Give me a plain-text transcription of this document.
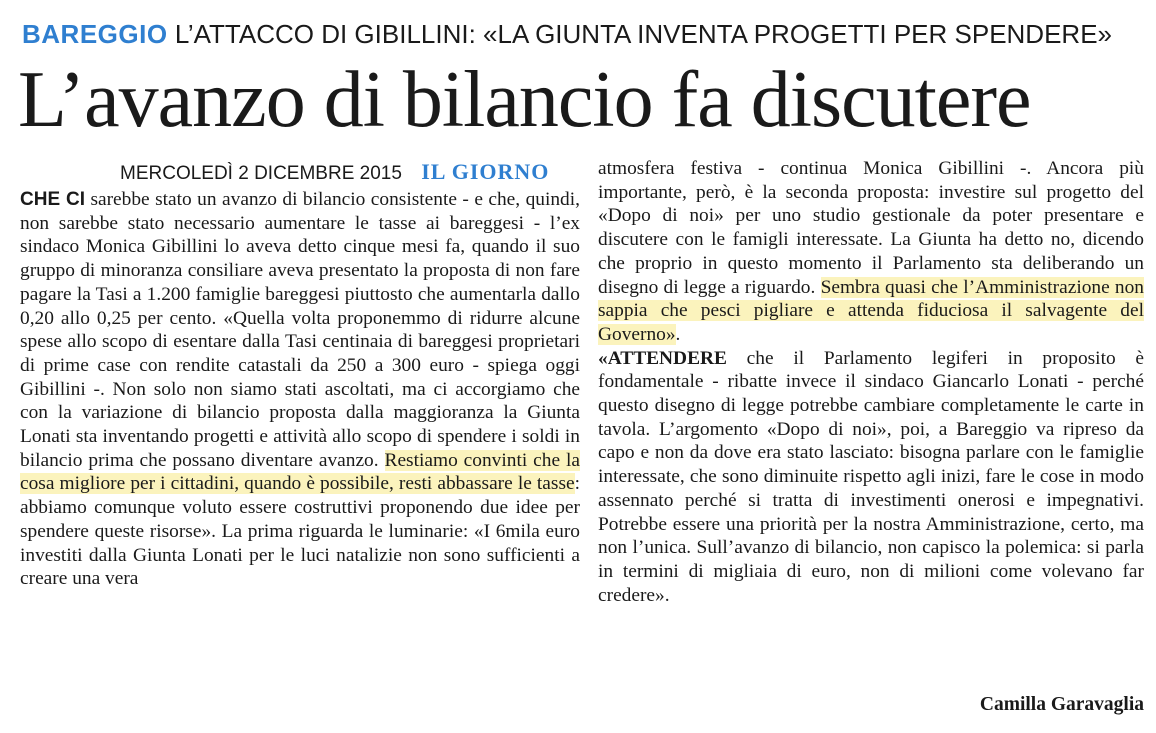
BAREGGIO L’ATTACCO DI GIBILLINI: «LA GIUNTA INVENTA PROGETTI PER SPENDERE»
L’avanzo di bilancio fa discutere
MERCOLEDÌ 2 DICEMBRE 2015 IL GIORNO

CHE CI sarebbe stato un avanzo di bilancio consistente - e che, quindi, non sarebbe stato necessario aumentare le tasse ai bareggesi - l’ex sindaco Monica Gibillini lo aveva detto cinque mesi fa, quando il suo gruppo di minoranza consiliare aveva presentato la proposta di non fare pagare la Tasi a 1.200 famiglie bareggesi piuttosto che aumentarla dallo 0,20 allo 0,25 per cento. «Quella volta proponemmo di ridurre alcune spese allo scopo di esentare dalla Tasi centinaia di bareggesi proprietari di prime case con rendite catastali da 250 a 300 euro - spiega oggi Gibillini -. Non solo non siamo stati ascoltati, ma ci accorgiamo che con la variazione di bilancio proposta dalla maggioranza la Giunta Lonati sta inventando progetti e attività allo scopo di spendere i soldi in bilancio prima che possano diventare avanzo. Restiamo convinti che la cosa migliore per i cittadini, quando è possibile, resti abbassare le tasse: abbiamo comunque voluto essere costruttivi proponendo due idee per spendere queste risorse». La prima riguarda le luminarie: «I 6mila euro investiti dalla Giunta Lonati per le luci natalizie non sono sufficienti a creare una vera

atmosfera festiva - continua Monica Gibillini -. Ancora più importante, però, è la seconda proposta: investire sul progetto del «Dopo di noi» per uno studio gestionale da poter presentare e discutere con le famigli interessate. La Giunta ha detto no, dicendo che proprio in questo momento il Parlamento sta deliberando un disegno di legge a riguardo. Sembra quasi che l’Amministrazione non sappia che pesci pigliare e attenda fiduciosa il salvagente del Governo».

«ATTENDERE che il Parlamento legiferi in proposito è fondamentale - ribatte invece il sindaco Giancarlo Lonati - perché questo disegno di legge potrebbe cambiare completamente le carte in tavola. L’argomento «Dopo di noi», poi, a Bareggio va ripreso da capo e non da dove era stato lasciato: bisogna parlare con le famiglie interessate, che sono diminuite rispetto agli inizi, fare le cose in modo assennato perché si tratta di investimenti onerosi e impegnativi. Potrebbe essere una priorità per la nostra Amministrazione, certo, ma non l’unica. Sull’avanzo di bilancio, non capisco la polemica: si parla in termini di migliaia di euro, non di milioni come volevano far credere».

Camilla Garavaglia
